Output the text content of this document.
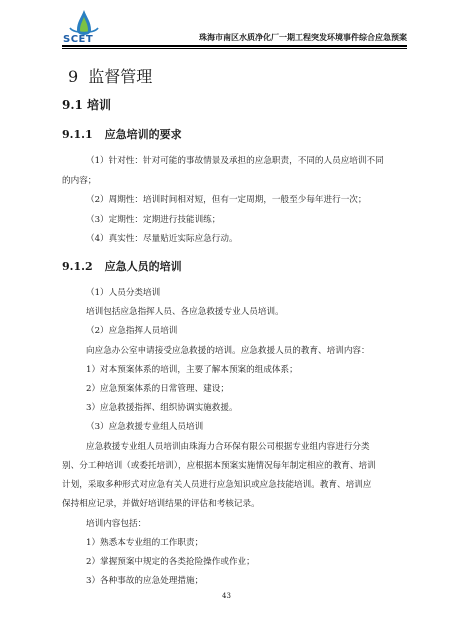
SCET	珠海市南区水质净化厂一期工程突发环境事件综合应急预案
9 监督管理
9.1 培训
9.1.1 应急培训的要求
（1）针对性：针对可能的事故情景及承担的应急职责，不同的人员应培训不同
的内容；
（2）周期性：培训时间相对短，但有一定周期，一般至少每年进行一次；
（3）定期性：定期进行技能训练；
（4）真实性：尽量贴近实际应急行动。
9.1.2 应急人员的培训
（1）人员分类培训
培训包括应急指挥人员、各应急救援专业人员培训。
（2）应急指挥人员培训
向应急办公室申请接受应急救援的培训。应急救援人员的教育、培训内容：
1）对本预案体系的培训，主要了解本预案的组成体系；
2）应急预案体系的日常管理、建设；
3）应急救援指挥、组织协调实施救援。
（3）应急救援专业组人员培训
应急救援专业组人员培训由珠海力合环保有限公司根据专业组内容进行分类
别、分工种培训（或委托培训），应根据本预案实施情况每年制定相应的教育、培训
计划，采取多种形式对应急有关人员进行应急知识或应急技能培训。教育、培训应
保持相应记录，并做好培训结果的评估和考核记录。
培训内容包括：
1）熟悉本专业组的工作职责；
2）掌握预案中规定的各类抢险操作或作业；
3）各种事故的应急处理措施；
43
